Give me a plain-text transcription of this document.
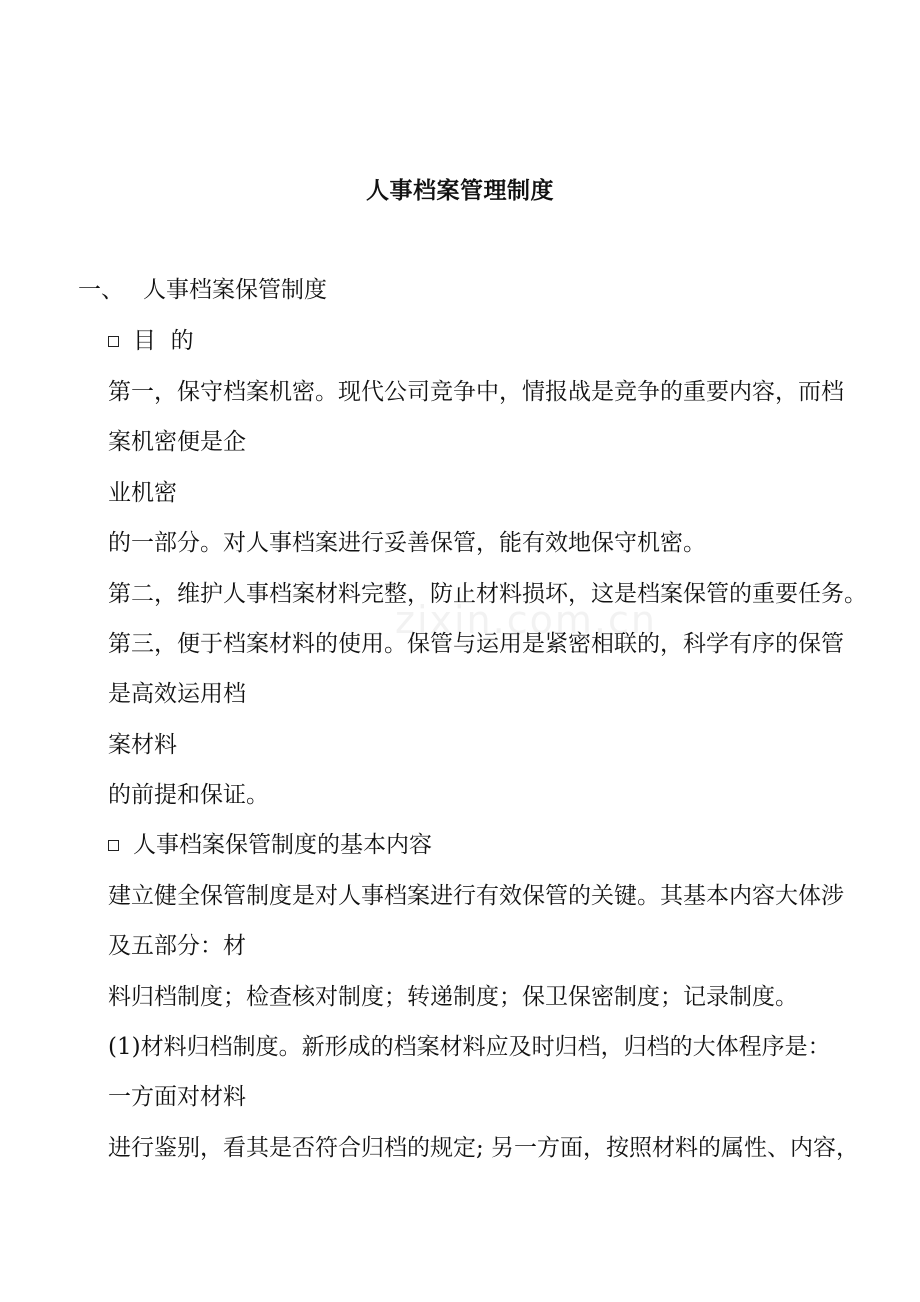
zixin.com.cn
人事档案管理制度
一、 人事档案保管制度
目  的
第一，保守档案机密。现代公司竞争中，情报战是竞争的重要内容，而档
案机密便是企
业机密
的一部分。对人事档案进行妥善保管，能有效地保守机密。
第二，维护人事档案材料完整，防止材料损坏，这是档案保管的重要任务。
第三，便于档案材料的使用。保管与运用是紧密相联的，科学有序的保管
是高效运用档
案材料
的前提和保证。
人事档案保管制度的基本内容
建立健全保管制度是对人事档案进行有效保管的关键。其基本内容大体涉
及五部分：材
料归档制度；检查核对制度；转递制度；保卫保密制度；记录制度。
(1)材料归档制度。新形成的档案材料应及时归档，归档的大体程序是：
一方面对材料
进行鉴别，看其是否符合归档的规定; 另一方面，按照材料的属性、内容，
